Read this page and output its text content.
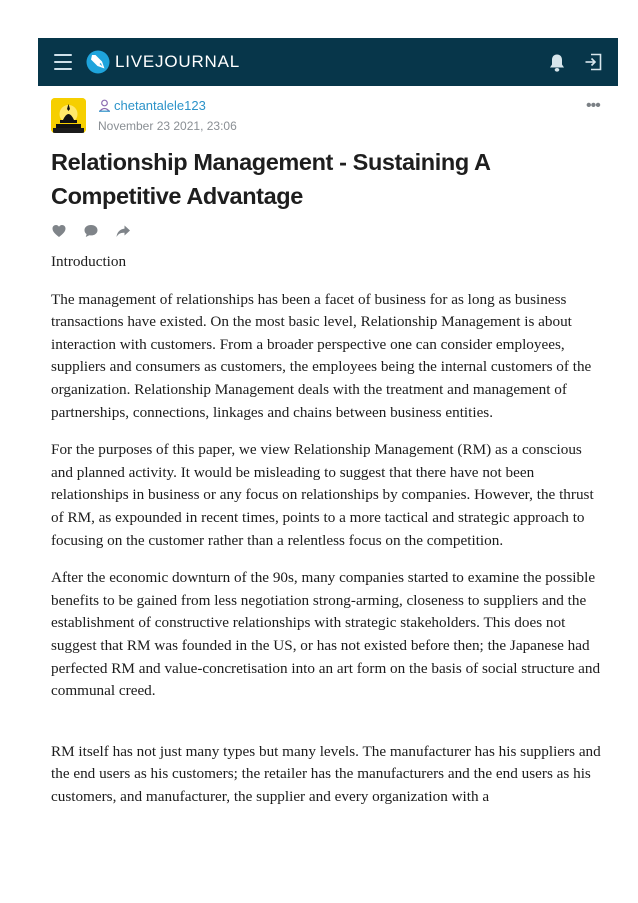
LIVEJOURNAL
chetantalele123
November 23 2021, 23:06
•••
Relationship Management - Sustaining A Competitive Advantage

Introduction

The management of relationships has been a facet of business for as long as business transactions have existed. On the most basic level, Relationship Management is about interaction with customers. From a broader perspective one can consider employees, suppliers and consumers as customers, the employees being the internal customers of the organization. Relationship Management deals with the treatment and management of partnerships, connections, linkages and chains between business entities.

For the purposes of this paper, we view Relationship Management (RM) as a conscious and planned activity. It would be misleading to suggest that there have not been relationships in business or any focus on relationships by companies. However, the thrust of RM, as expounded in recent times, points to a more tactical and strategic approach to focusing on the customer rather than a relentless focus on the competition.

After the economic downturn of the 90s, many companies started to examine the possible benefits to be gained from less negotiation strong-arming, closeness to suppliers and the establishment of constructive relationships with strategic stakeholders. This does not suggest that RM was founded in the US, or has not existed before then; the Japanese had perfected RM and value-concretisation into an art form on the basis of social structure and communal creed.

RM itself has not just many types but many levels. The manufacturer has his suppliers and the end users as his customers; the retailer has the manufacturers and the end users as his customers, and manufacturer, the supplier and every organization with a
